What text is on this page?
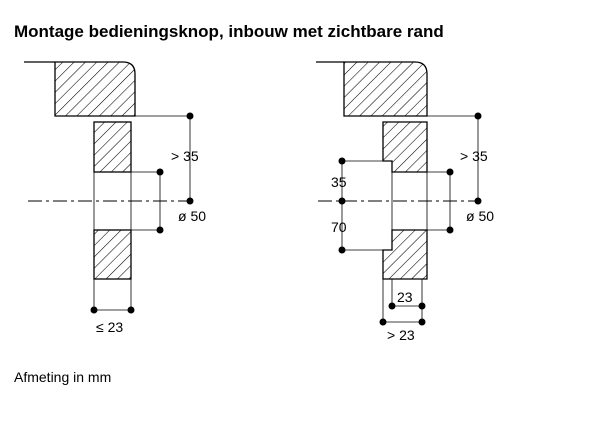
Montage bedieningsknop, inbouw met zichtbare rand
> 35
ø 50
≤ 23
> 35
ø 50
35
70
23
> 23

Afmeting in mm
